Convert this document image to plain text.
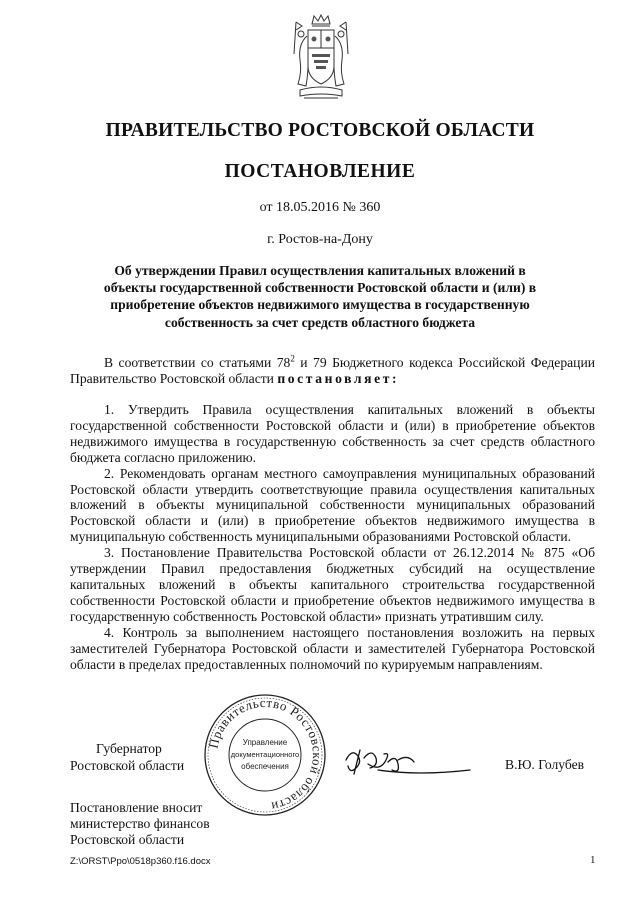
ПРАВИТЕЛЬСТВО РОСТОВСКОЙ ОБЛАСТИ
ПОСТАНОВЛЕНИЕ
от 18.05.2016 № 360
г. Ростов-на-Дону
Об утверждении Правил осуществления капитальных вложений в объекты государственной собственности Ростовской области и (или) в приобретение объектов недвижимого имущества в государственную собственность за счет средств областного бюджета

В соответствии со статьями $78^2$ и 79 Бюджетного кодекса Российской Федерации Правительство Ростовской области постановляет:

1. Утвердить Правила осуществления капитальных вложений в объекты государственной собственности Ростовской области и (или) в приобретение объектов недвижимого имущества в государственную собственность за счет средств областного бюджета согласно приложению.

2. Рекомендовать органам местного самоуправления муниципальных образований Ростовской области утвердить соответствующие правила осуществления капитальных вложений в объекты муниципальной собственности муниципальных образований Ростовской области и (или) в приобретение объектов недвижимого имущества в муниципальную собственность муниципальными образованиями Ростовской области.

3. Постановление Правительства Ростовской области от 26.12.2014 № 875 «Об утверждении Правил предоставления бюджетных субсидий на осуществление капитальных вложений в объекты капитального строительства государственной собственности Ростовской области и приобретение объектов недвижимого имущества в государственную собственность Ростовской области» признать утратившим силу.

4. Контроль за выполнением настоящего постановления возложить на первых заместителей Губернатора Ростовской области и заместителей Губернатора Ростовской области в пределах предоставленных полномочий по курируемым направлениям.

Губернатор
Ростовской области
Правительство Ростовской области
Управление
документационного
обеспечения	В.Ю. Голубев
Постановление вносит
министерство финансов
Ростовской области
Z:\ORST\Ppo\0518p360.f16.docx	1
